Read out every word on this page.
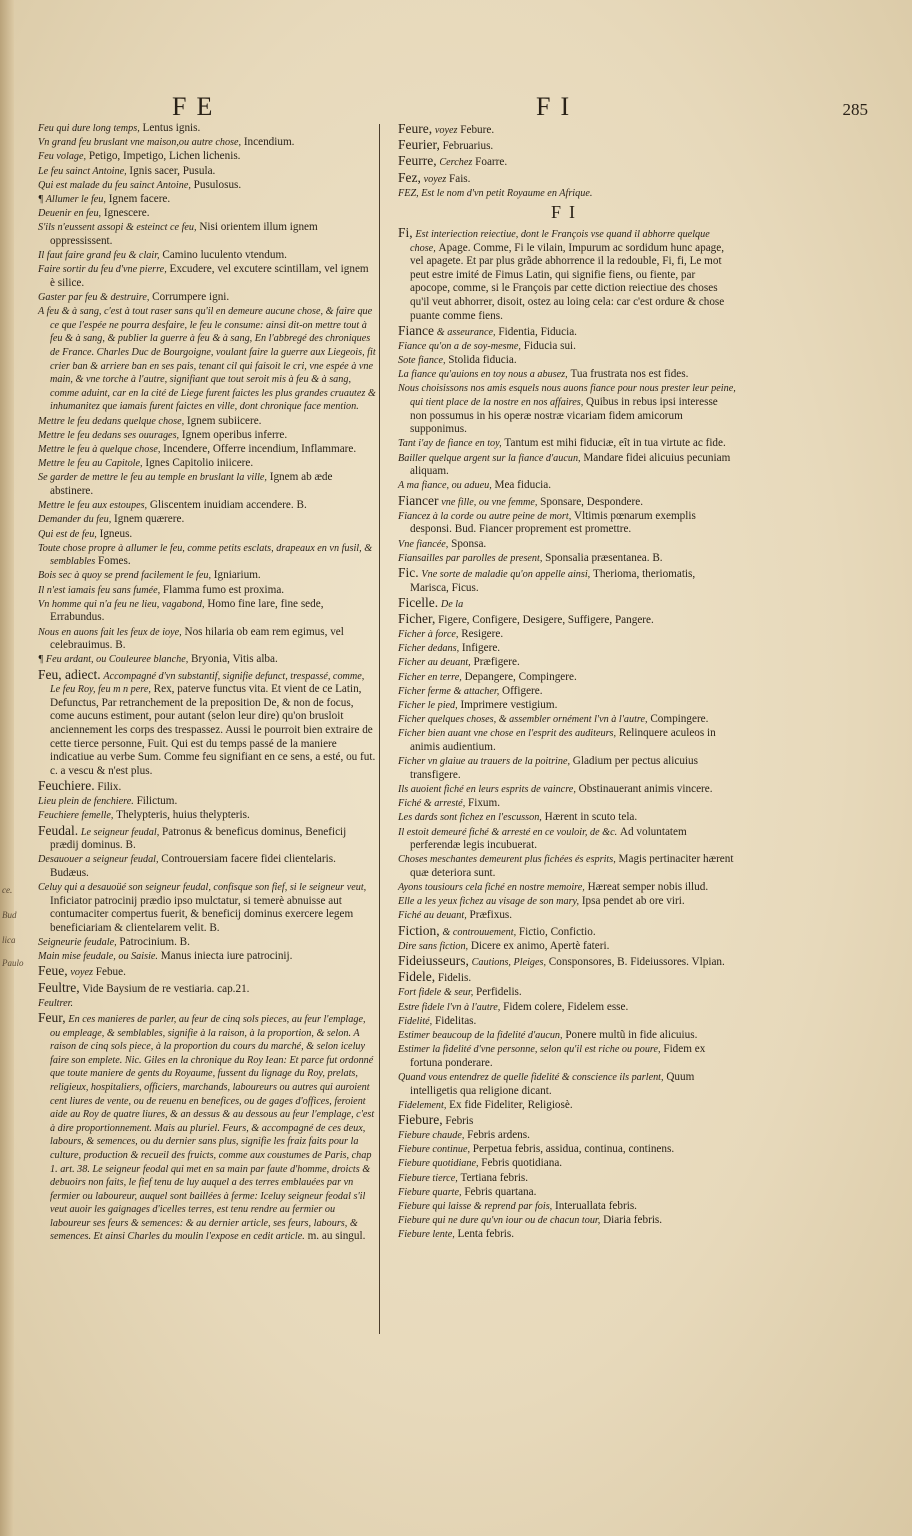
ce.
Bud
lica
Paulo
FE	FI	285
Feu qui dure long temps, Lentus ignis.
Vn grand feu bruslant vne maison,ou autre chose, Incendium.
Feu volage, Petigo, Impetigo, Lichen lichenis.
Le feu sainct Antoine, Ignis sacer, Pusula.
Qui est malade du feu sainct Antoine, Pusulosus.
¶ Allumer le feu, Ignem facere.
Deuenir en feu, Ignescere.
S'ils n'eussent assopi & esteinct ce feu, Nisi orientem illum ignem oppressissent.
Il faut faire grand feu & clair, Camino luculento vtendum.
Faire sortir du feu d'vne pierre, Excudere, vel excutere scintillam, vel ignem è silice.
Gaster par feu & destruire, Corrumpere igni.
A feu & à sang, c'est à tout raser sans qu'il en demeure aucune chose, & faire que ce que l'espée ne pourra desfaire, le feu le consume: ainsi dit-on mettre tout à feu & à sang, & publier la guerre à feu & à sang, En l'abbregé des chroniques de France. Charles Duc de Bourgoigne, voulant faire la guerre aux Liegeois, fit crier ban & arriere ban en ses pais, tenant cil qui faisoit le cri, vne espée à vne main, & vne torche à l'autre, signifiant que tout seroit mis à feu & à sang, comme aduint, car en la cité de Liege furent faictes les plus grandes cruautez & inhumanitez que iamais furent faictes en ville, dont chronique face mention.
Mettre le feu dedans quelque chose, Ignem subiicere.
Mettre le feu dedans ses ouurages, Ignem operibus inferre.
Mettre le feu à quelque chose, Incendere, Offerre incendium, Inflammare.
Mettre le feu au Capitole, Ignes Capitolio iniicere.
Se garder de mettre le feu au temple en bruslant la ville, Ignem ab æde abstinere.
Mettre le feu aux estoupes, Gliscentem inuidiam accendere. B.
Demander du feu, Ignem quærere.
Qui est de feu, Igneus.
Toute chose propre à allumer le feu, comme petits esclats, drapeaux en vn fusil, & semblables Fomes.
Bois sec à quoy se prend facilement le feu, Igniarium.
Il n'est iamais feu sans fumée, Flamma fumo est proxima.
Vn homme qui n'a feu ne lieu, vagabond, Homo fine lare, fine sede, Errabundus.
Nous en auons fait les feux de ioye, Nos hilaria ob eam rem egimus, vel celebrauimus. B.
¶ Feu ardant, ou Couleuree blanche, Bryonia, Vitis alba.
Feu, adiect. Accompagné d'vn substantif, signifie defunct, trespassé, comme, Le feu Roy, feu m n pere, Rex, paterve functus vita. Et vient de ce Latin, Defunctus, Par retranchement de la preposition De, & non de focus, come aucuns estiment, pour autant (selon leur dire) qu'on brusloit anciennement les corps des trespassez. Aussi le pourroit bien extraire de cette tierce personne, Fuit. Qui est du temps passé de la maniere indicatiue au verbe Sum. Comme feu signifiant en ce sens, a esté, ou fut. c. a vescu & n'est plus.
Feuchiere. Filix.
Lieu plein de fenchiere. Filictum.
Feuchiere femelle, Thelypteris, huius thelypteris.
Feudal. Le seigneur feudal, Patronus & beneficus dominus, Beneficij prædij dominus. B.
Desauouer a seigneur feudal, Controuersiam facere fidei clientelaris. Budæus.
Celuy qui a desauoüé son seigneur feudal, confisque son fief, si le seigneur veut, Inficiator patrocinij prædio ipso mulctatur, si temerè abnuisse aut contumaciter compertus fuerit, & beneficij dominus exercere legem beneficiariam & clientelarem velit. B.
Seigneurie feudale, Patrocinium. B.
Main mise feudale, ou Saisie. Manus iniecta iure patrocinij.
Feue, voyez Febue.
Feultre, Vide Baysium de re vestiaria. cap.21.
Feultrer.
Feur, En ces manieres de parler, au feur de cinq sols pieces, au feur l'emplage, ou empleage, & semblables, signifie à la raison, à la proportion, & selon. A raison de cinq sols piece, à la proportion du cours du marché, & selon iceluy faire son emplete. Nic. Giles en la chronique du Roy Iean: Et parce fut ordonné que toute maniere de gents du Royaume, fussent du lignage du Roy, prelats, religieux, hospitaliers, officiers, marchands, laboureurs ou autres qui auroient cent liures de vente, ou de reuenu en benefices, ou de gages d'offices, feroient aide au Roy de quatre liures, & an dessus & au dessous au feur l'emplage, c'est à dire proportionnement. Mais au pluriel. Feurs, & accompagné de ces deux, labours, & semences, ou du dernier sans plus, signifie les fraiz faits pour la culture, production & recueil des fruicts, comme aux coustumes de Paris, chap 1. art. 38. Le seigneur feodal qui met en sa main par faute d'homme, droicts & debuoirs non faits, le fief tenu de luy auquel a des terres emblauées par vn fermier ou laboureur, auquel sont baillées à ferme: Iceluy seigneur feodal s'il veut auoir les gaignages d'icelles terres, est tenu rendre au fermier ou laboureur ses feurs & semences: & au dernier article, ses feurs, labours, & semences. Et ainsi Charles du moulin l'expose en cedit article. m. au singul.
Feure, voyez Febure.
Feurier, Februarius.
Feurre, Cerchez Foarre.
Fez, voyez Fais.
FEZ, Est le nom d'vn petit Royaume en Afrique.
FI
Fi, Est interiection reiectiue, dont le François vse quand il abhorre quelque chose, Apage. Comme, Fi le vilain, Impurum ac sordidum hunc apage, vel apagete. Et par plus grãde abhorrence il la redouble, Fi, fi, Le mot peut estre imité de Fimus Latin, qui signifie fiens, ou fiente, par apocope, comme, si le François par cette diction reiectiue des choses qu'il veut abhorrer, disoit, ostez au loing cela: car c'est ordure & chose puante comme fiens.
Fiance & asseurance, Fidentia, Fiducia.
Fiance qu'on a de soy-mesme, Fiducia sui.
Sote fiance, Stolida fiducia.
La fiance qu'auions en toy nous a abusez, Tua frustrata nos est fides.
Nous choisissons nos amis esquels nous auons fiance pour nous prester leur peine, qui tient place de la nostre en nos affaires, Quibus in rebus ipsi interesse non possumus in his operæ nostræ vicariam fidem amicorum supponimus.
Tant i'ay de fiance en toy, Tantum est mihi fiduciæ, eît in tua virtute ac fide.
Bailler quelque argent sur la fiance d'aucun, Mandare fidei alicuius pecuniam aliquam.
A ma fiance, ou adueu, Mea fiducia.
Fiancer vne fille, ou vne femme, Sponsare, Despondere.
Fiancez à la corde ou autre peine de mort, Vltimis pœnarum exemplis desponsi. Bud. Fiancer proprement est promettre.
Vne fiancée, Sponsa.
Fiansailles par parolles de present, Sponsalia præsentanea. B.
Fic. Vne sorte de maladie qu'on appelle ainsi, Therioma, theriomatis, Marisca, Ficus.
Ficelle. De la
Ficher, Figere, Configere, Desigere, Suffigere, Pangere.
Ficher à force, Resigere.
Ficher dedans, Infigere.
Ficher au deuant, Præfigere.
Ficher en terre, Depangere, Compingere.
Ficher ferme & attacher, Offigere.
Ficher le pied, Imprimere vestigium.
Ficher quelques choses, & assembler ornément l'vn à l'autre, Compingere.
Ficher bien auant vne chose en l'esprit des auditeurs, Relinquere aculeos in animis audientium.
Ficher vn glaiue au trauers de la poitrine, Gladium per pectus alicuius transfigere.
Ils auoient fiché en leurs esprits de vaincre, Obstinauerant animis vincere.
Fiché & arresté, Fixum.
Les dards sont fichez en l'escusson, Hærent in scuto tela.
Il estoit demeuré fiché & arresté en ce vouloir, de &c. Ad voluntatem perferendæ legis incubuerat.
Choses meschantes demeurent plus fichées és esprits, Magis pertinaciter hærent quæ deteriora sunt.
Ayons tousiours cela fiché en nostre memoire, Hæreat semper nobis illud.
Elle a les yeux fichez au visage de son mary, Ipsa pendet ab ore viri.
Fiché au deuant, Præfixus.
Fiction, & controuuement, Fictio, Confictio.
Dire sans fiction, Dicere ex animo, Apertè fateri.
Fideiusseurs, Cautions, Pleiges, Consponsores, B. Fideiussores. Vlpian.
Fidele, Fidelis.
Fort fidele & seur, Perfidelis.
Estre fidele l'vn à l'autre, Fidem colere, Fidelem esse.
Fidelité, Fidelitas.
Estimer beaucoup de la fidelité d'aucun, Ponere multũ in fide alicuius.
Estimer la fidelité d'vne personne, selon qu'il est riche ou poure, Fidem ex fortuna ponderare.
Quand vous entendrez de quelle fidelité & conscience ils parlent, Quum intelligetis qua religione dicant.
Fidelement, Ex fide Fideliter, Religiosè.
Fiebure, Febris
Fiebure chaude, Febris ardens.
Fiebure continue, Perpetua febris, assidua, continua, continens.
Fiebure quotidiane, Febris quotidiana.
Fiebure tierce, Tertiana febris.
Fiebure quarte, Febris quartana.
Fiebure qui laisse & reprend par fois, Interuallata febris.
Fiebure qui ne dure qu'vn iour ou de chacun tour, Diaria febris.
Fiebure lente, Lenta febris.
